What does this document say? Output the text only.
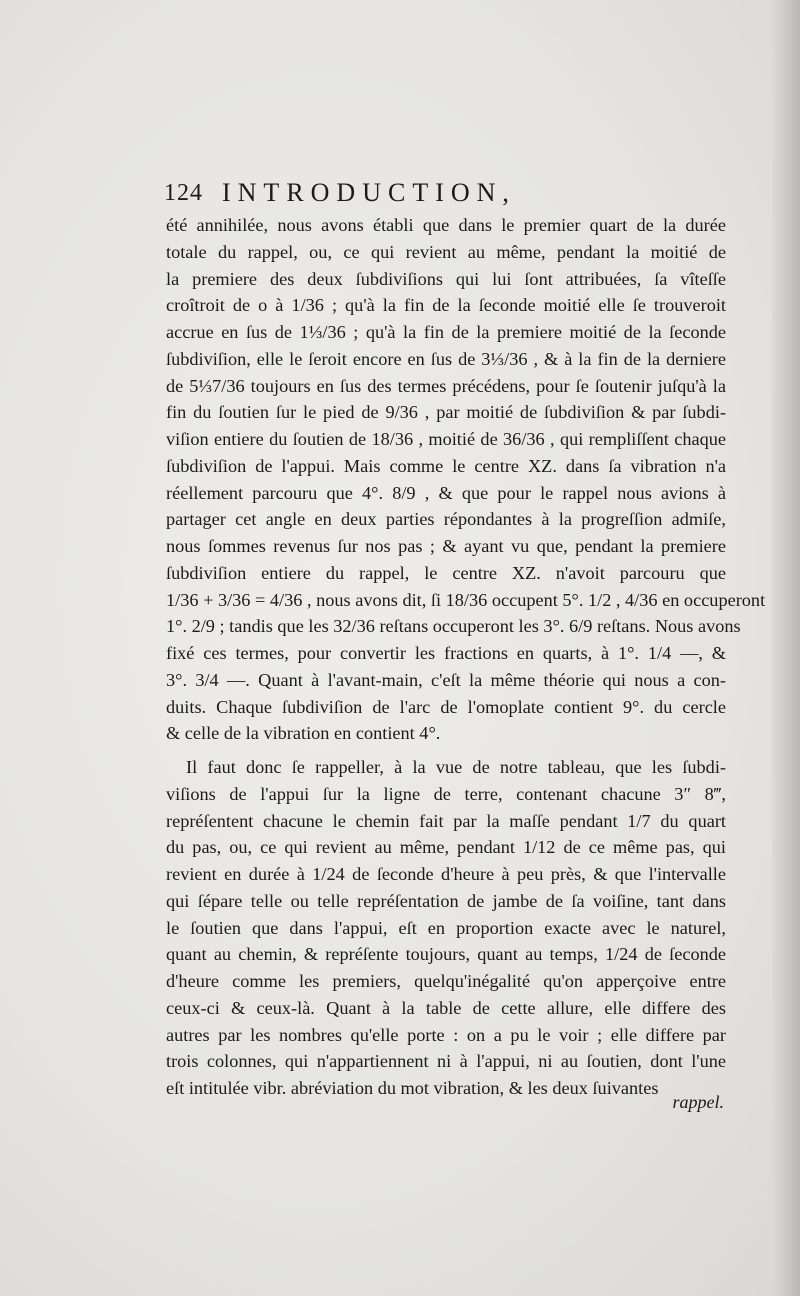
124 INTRODUCTION,
été annihilée, nous avons établi que dans le premier quart de la durée
totale du rappel, ou, ce qui revient au même, pendant la moitié de
la premiere des deux ſubdiviſions qui lui ſont attribuées, ſa vîteſſe
croîtroit de o à 1/36 ; qu'à la fin de la ſeconde moitié elle ſe trouveroit
accrue en ſus de 1⅓/36 ; qu'à la fin de la premiere moitié de la ſeconde
ſubdiviſion, elle le ſeroit encore en ſus de 3⅓/36 , & à la fin de la derniere
de 5⅓7/36 toujours en ſus des termes précédens, pour ſe ſoutenir juſqu'à la
fin du ſoutien ſur le pied de 9/36 , par moitié de ſubdiviſion & par ſubdi-
viſion entiere du ſoutien de 18/36 , moitié de 36/36 , qui rempliſſent chaque
ſubdiviſion de l'appui. Mais comme le centre XZ. dans ſa vibration n'a
réellement parcouru que 4°. 8/9 , & que pour le rappel nous avions à
partager cet angle en deux parties répondantes à la progreſſion admiſe,
nous ſommes revenus ſur nos pas ; & ayant vu que, pendant la premiere
ſubdiviſion entiere du rappel, le centre XZ. n'avoit parcouru que
1/36 + 3/36 = 4/36 , nous avons dit, ſi 18/36 occupent 5°. 1/2 , 4/36 en occuperont
1°. 2/9 ; tandis que les 32/36 reſtans occuperont les 3°. 6/9 reſtans. Nous avons
fixé ces termes, pour convertir les fractions en quarts, à 1°. 1/4 —, &
3°. 3/4 —. Quant à l'avant-main, c'eſt la même théorie qui nous a con-
duits. Chaque ſubdiviſion de l'arc de l'omoplate contient 9°. du cercle
& celle de la vibration en contient 4°.
Il faut donc ſe rappeller, à la vue de notre tableau, que les ſubdi-
viſions de l'appui ſur la ligne de terre, contenant chacune 3″ 8‴,
repréſentent chacune le chemin fait par la maſſe pendant 1/7 du quart
du pas, ou, ce qui revient au même, pendant 1/12 de ce même pas, qui
revient en durée à 1/24 de ſeconde d'heure à peu près, & que l'intervalle
qui ſépare telle ou telle repréſentation de jambe de ſa voiſine, tant dans
le ſoutien que dans l'appui, eſt en proportion exacte avec le naturel,
quant au chemin, & repréſente toujours, quant au temps, 1/24 de ſeconde
d'heure comme les premiers, quelqu'inégalité qu'on apperçoive entre
ceux-ci & ceux-là. Quant à la table de cette allure, elle differe des
autres par les nombres qu'elle porte : on a pu le voir ; elle differe par
trois colonnes, qui n'appartiennent ni à l'appui, ni au ſoutien, dont l'une
eſt intitulée vibr. abréviation du mot vibration, & les deux ſuivantes
rappel.
